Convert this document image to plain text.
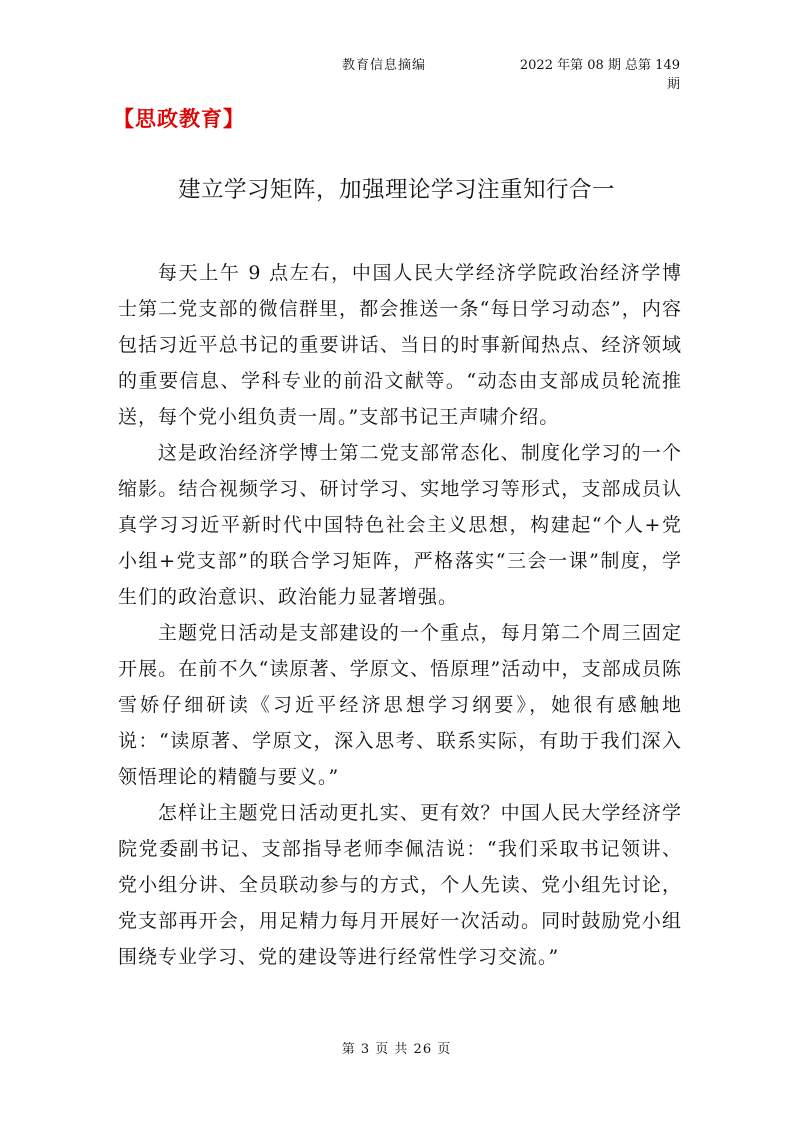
教育信息摘编	2022 年第 08 期 总第 149 期
【思政教育】
建立学习矩阵，加强理论学习注重知行合一

每天上午 9 点左右，中国人民大学经济学院政治经济学博士第二党支部的微信群里，都会推送一条“每日学习动态”，内容包括习近平总书记的重要讲话、当日的时事新闻热点、经济领域的重要信息、学科专业的前沿文献等。“动态由支部成员轮流推送，每个党小组负责一周。”支部书记王声啸介绍。

这是政治经济学博士第二党支部常态化、制度化学习的一个缩影。结合视频学习、研讨学习、实地学习等形式，支部成员认真学习习近平新时代中国特色社会主义思想，构建起“个人+党小组+党支部”的联合学习矩阵，严格落实“三会一课”制度，学生们的政治意识、政治能力显著增强。

主题党日活动是支部建设的一个重点，每月第二个周三固定开展。在前不久“读原著、学原文、悟原理”活动中，支部成员陈雪娇仔细研读《习近平经济思想学习纲要》，她很有感触地说：“读原著、学原文，深入思考、联系实际，有助于我们深入领悟理论的精髓与要义。”

怎样让主题党日活动更扎实、更有效？中国人民大学经济学院党委副书记、支部指导老师李佩洁说：“我们采取书记领讲、党小组分讲、全员联动参与的方式，个人先读、党小组先讨论，党支部再开会，用足精力每月开展好一次活动。同时鼓励党小组围绕专业学习、党的建设等进行经常性学习交流。”

第 3 页 共 26 页
